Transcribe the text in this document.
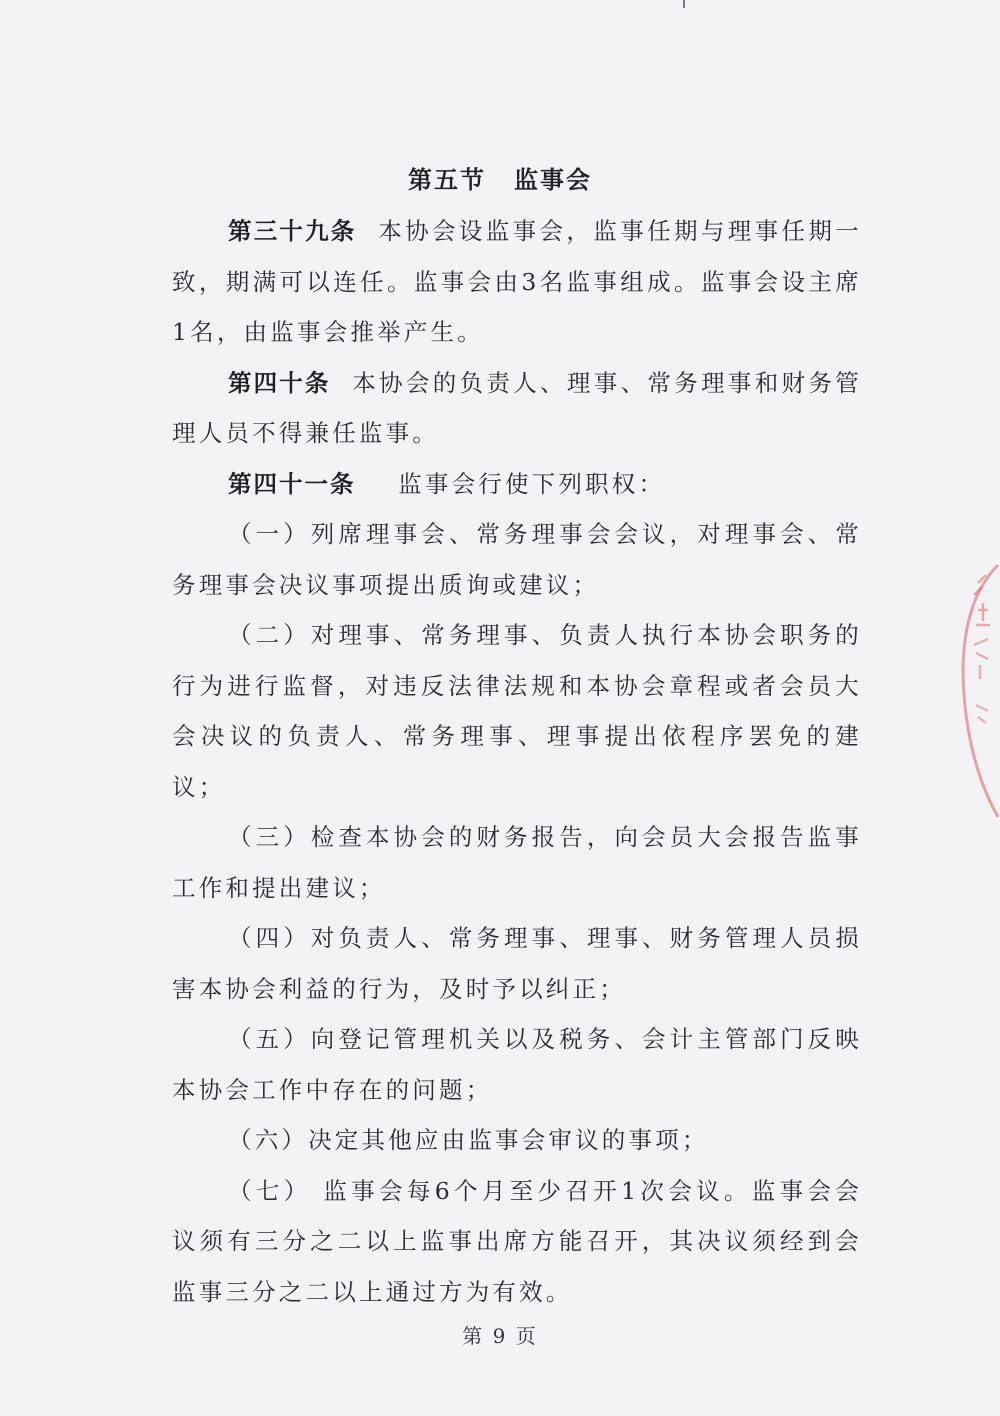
第五节 监事会

第三十九条 本协会设监事会，监事任期与理事任期一致，期满可以连任。监事会由3名监事组成。监事会设主席1名，由监事会推举产生。

第四十条 本协会的负责人、理事、常务理事和财务管理人员不得兼任监事。

第四十一条 监事会行使下列职权：

（一）列席理事会、常务理事会会议，对理事会、常务理事会决议事项提出质询或建议；

（二）对理事、常务理事、负责人执行本协会职务的行为进行监督，对违反法律法规和本协会章程或者会员大会决议的负责人、常务理事、理事提出依程序罢免的建议；

（三）检查本协会的财务报告，向会员大会报告监事工作和提出建议；

（四）对负责人、常务理事、理事、财务管理人员损害本协会利益的行为，及时予以纠正；

（五）向登记管理机关以及税务、会计主管部门反映本协会工作中存在的问题；

（六）决定其他应由监事会审议的事项；

（七） 监事会每6个月至少召开1次会议。监事会会议须有三分之二以上监事出席方能召开，其决议须经到会监事三分之二以上通过方为有效。

第 9 页
